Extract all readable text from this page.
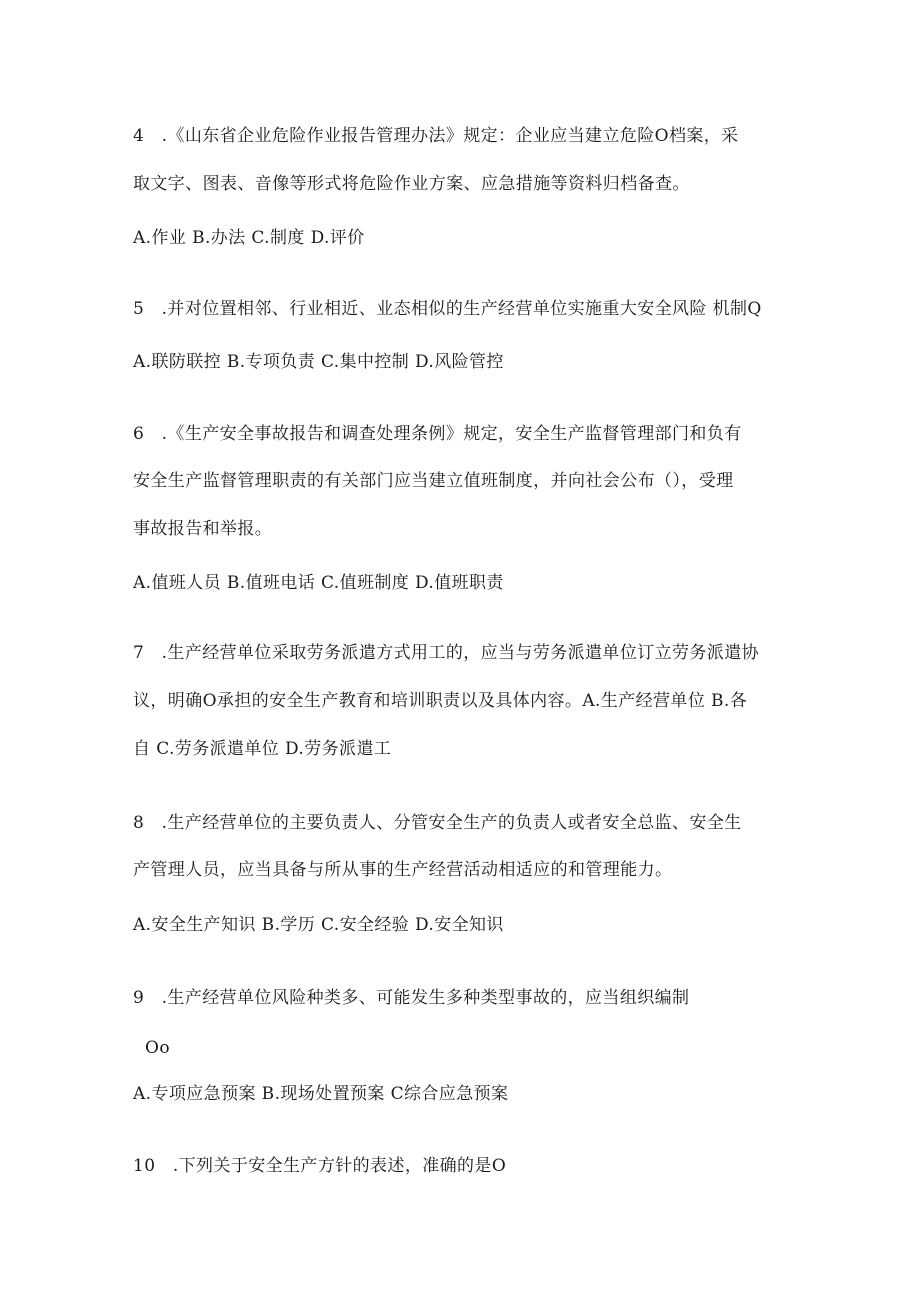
4　.《山东省企业危险作业报告管理办法》规定：企业应当建立危险O档案，采
取文字、图表、音像等形式将危险作业方案、应急措施等资料归档备查。
A.作业 B.办法 C.制度 D.评价
5　.并对位置相邻、行业相近、业态相似的生产经营单位实施重大安全风险 机制Q
A.联防联控 B.专项负责 C.集中控制 D.风险管控
6　.《生产安全事故报告和调查处理条例》规定，安全生产监督管理部门和负有
安全生产监督管理职责的有关部门应当建立值班制度，并向社会公布（），受理
事故报告和举报。
A.值班人员 B.值班电话 C.值班制度 D.值班职责
7　.生产经营单位采取劳务派遣方式用工的，应当与劳务派遣单位订立劳务派遣协
议，明确O承担的安全生产教育和培训职责以及具体内容。A.生产经营单位 B.各
自 C.劳务派遣单位 D.劳务派遣工
8　.生产经营单位的主要负责人、分管安全生产的负责人或者安全总监、安全生
产管理人员，应当具备与所从事的生产经营活动相适应的和管理能力。
A.安全生产知识 B.学历 C.安全经验 D.安全知识
9　.生产经营单位风险种类多、可能发生多种类型事故的，应当组织编制
Oo
A.专项应急预案 B.现场处置预案 C综合应急预案
10　.下列关于安全生产方针的表述，准确的是O
